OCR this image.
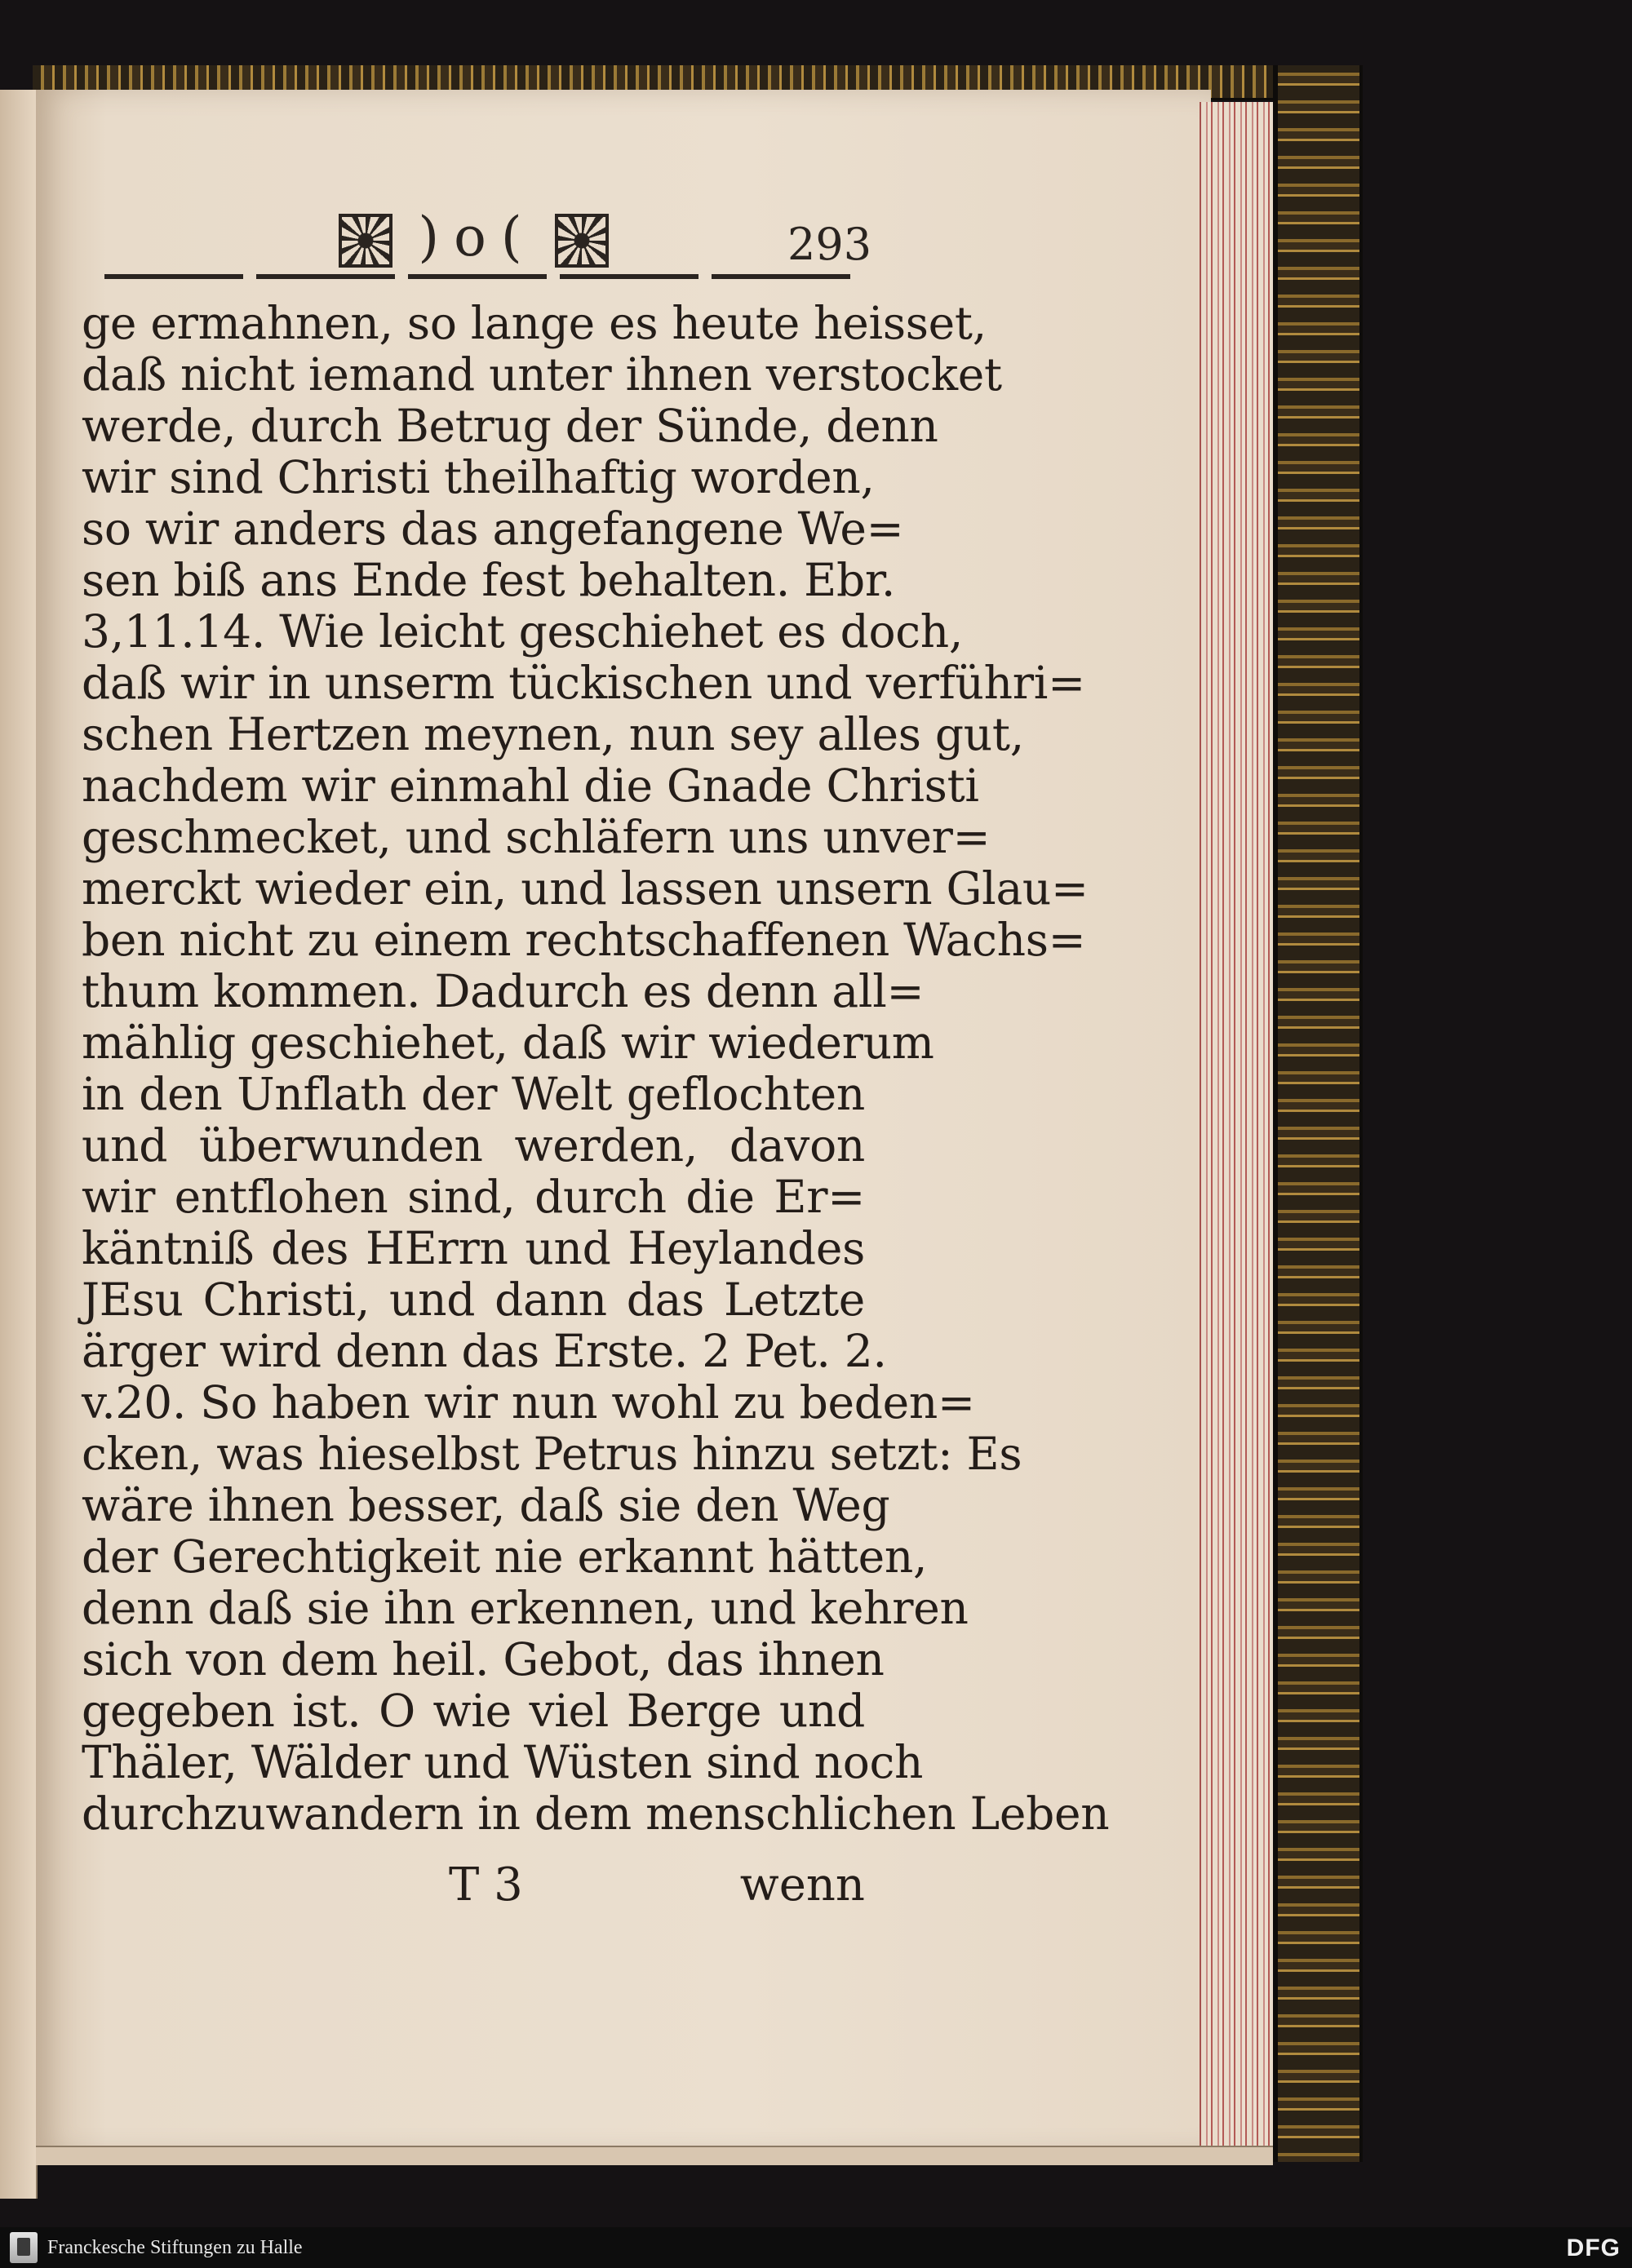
)o(	293
ge ermahnen, so lange es heute heisset,
daß nicht iemand unter ihnen verstocket
werde, durch Betrug der Sünde, denn
wir sind Christi theilhaftig worden,
so wir anders das angefangene We=
sen biß ans Ende fest behalten. Ebr.
3,11.14. Wie leicht geschiehet es doch,
daß wir in unserm tückischen und verführi=
schen Hertzen meynen, nun sey alles gut,
nachdem wir einmahl die Gnade Christi
geschmecket, und schläfern uns unver=
merckt wieder ein, und lassen unsern Glau=
ben nicht zu einem rechtschaffenen Wachs=
thum kommen. Dadurch es denn all=
mählig geschiehet, daß wir wiederum
in den Unflath der Welt geflochten
und überwunden werden, davon
wir entflohen sind, durch die Er=
käntniß des HErrn und Heylandes
JEsu Christi, und dann das Letzte
ärger wird denn das Erste. 2 Pet. 2.
v.20. So haben wir nun wohl zu beden=
cken, was hieselbst Petrus hinzu setzt: Es
wäre ihnen besser, daß sie den Weg
der Gerechtigkeit nie erkannt hätten,
denn daß sie ihn erkennen, und kehren
sich von dem heil. Gebot, das ihnen
gegeben ist. O wie viel Berge und
Thäler, Wälder und Wüsten sind noch
durchzuwandern in dem menschlichen Leben
T 3	wenn
Franckesche Stiftungen zu Halle	DFG
